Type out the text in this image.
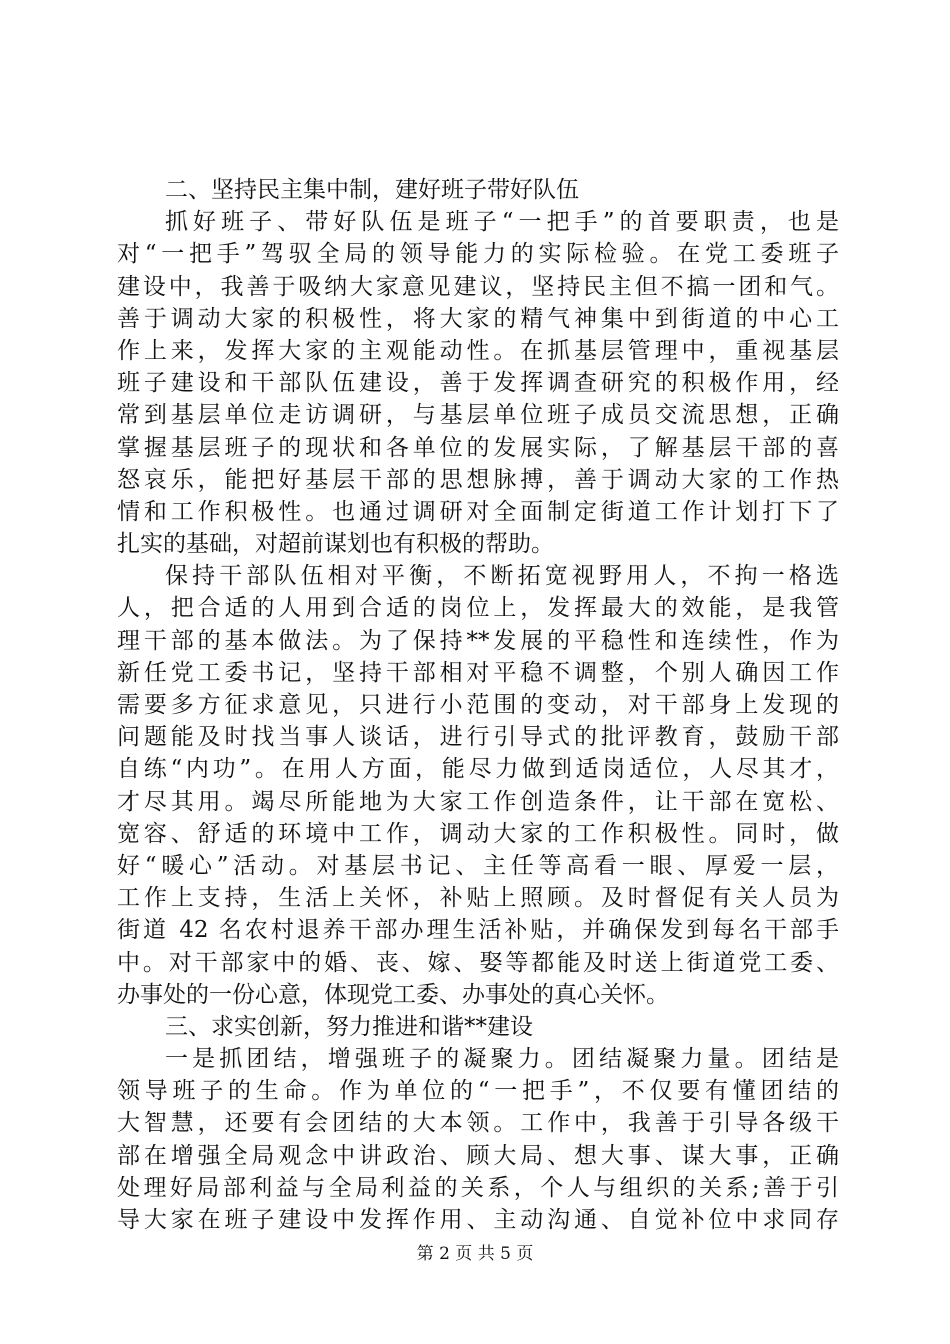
二、坚持民主集中制，建好班子带好队伍
抓好班子、带好队伍是班子“一把手”的首要职责，也是
对“一把手”驾驭全局的领导能力的实际检验。在党工委班子
建设中，我善于吸纳大家意见建议，坚持民主但不搞一团和气。
善于调动大家的积极性，将大家的精气神集中到街道的中心工
作上来，发挥大家的主观能动性。在抓基层管理中，重视基层
班子建设和干部队伍建设，善于发挥调查研究的积极作用，经
常到基层单位走访调研，与基层单位班子成员交流思想，正确
掌握基层班子的现状和各单位的发展实际，了解基层干部的喜
怒哀乐，能把好基层干部的思想脉搏，善于调动大家的工作热
情和工作积极性。也通过调研对全面制定街道工作计划打下了
扎实的基础，对超前谋划也有积极的帮助。
保持干部队伍相对平衡，不断拓宽视野用人，不拘一格选
人，把合适的人用到合适的岗位上，发挥最大的效能，是我管
理干部的基本做法。为了保持**发展的平稳性和连续性，作为
新任党工委书记，坚持干部相对平稳不调整，个别人确因工作
需要多方征求意见，只进行小范围的变动，对干部身上发现的
问题能及时找当事人谈话，进行引导式的批评教育，鼓励干部
自练“内功”。在用人方面，能尽力做到适岗适位，人尽其才，
才尽其用。竭尽所能地为大家工作创造条件，让干部在宽松、
宽容、舒适的环境中工作，调动大家的工作积极性。同时，做
好“暖心”活动。对基层书记、主任等高看一眼、厚爱一层，
工作上支持，生活上关怀，补贴上照顾。及时督促有关人员为
街道 42 名农村退养干部办理生活补贴，并确保发到每名干部手
中。对干部家中的婚、丧、嫁、娶等都能及时送上街道党工委、
办事处的一份心意，体现党工委、办事处的真心关怀。
三、求实创新，努力推进和谐**建设
一是抓团结，增强班子的凝聚力。团结凝聚力量。团结是
领导班子的生命。作为单位的“一把手”，不仅要有懂团结的
大智慧，还要有会团结的大本领。工作中，我善于引导各级干
部在增强全局观念中讲政治、顾大局、想大事、谋大事，正确
处理好局部利益与全局利益的关系，个人与组织的关系;善于引
导大家在班子建设中发挥作用、主动沟通、自觉补位中求同存
第 2 页 共 5 页
